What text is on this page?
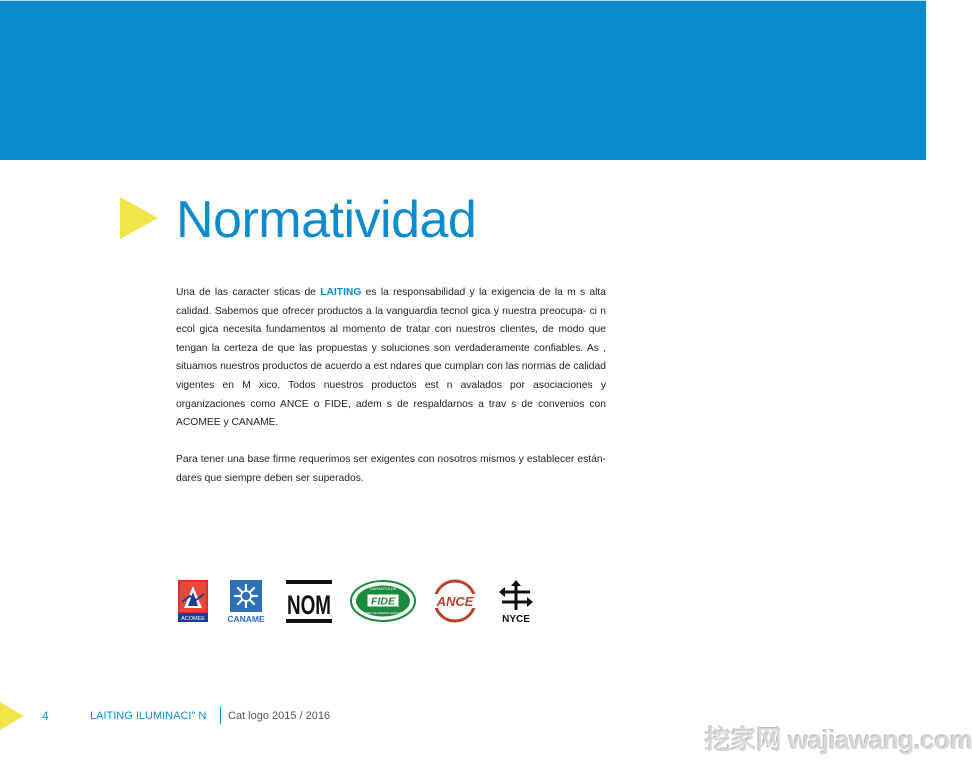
Normatividad

Una de las caracter sticas de LAITING es la responsabilidad y la exigencia de la m s alta calidad. Sabemos que ofrecer productos a la vanguardia tecnol gica y nuestra preocupa- ci n ecol gica necesita fundamentos al momento de tratar con nuestros clientes, de modo que tengan la certeza de que las propuestas y soluciones son verdaderamente confiables. As , situamos nuestros productos de acuerdo a est ndares que cumplan con las normas de calidad vigentes en M xico. Todos nuestros productos est n avalados por asociaciones y organizaciones como ANCE o FIDE, adem s de respaldarnos a trav s de convenios con ACOMEE y CANAME.

Para tener una base firme requerimos ser exigentes con nosotros mismos y establecer están- dares que siempre deben ser superados.

ACOMEE	CANAME NOM	FIDE
GARANTÍA DE
AHORRO DE ENERGÍA ELÉCTRICA
ANCE
NYCE
4	LAITING ILUMINACI" N Cat logo 2015 / 2016
挖家网 wajiawang.com
